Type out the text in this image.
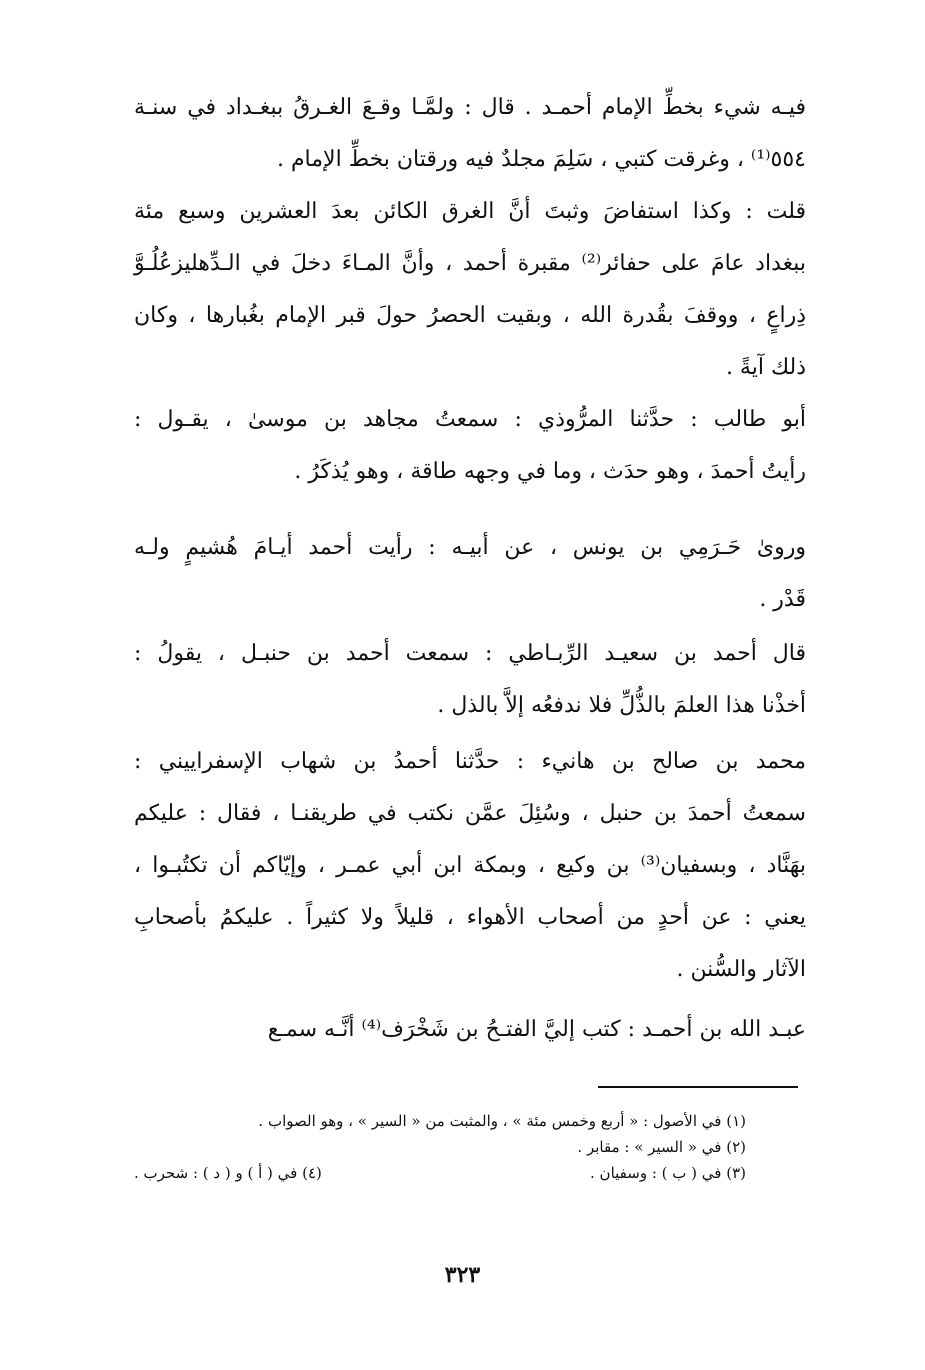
فيـه شيء بخطِّ الإمام أحمـد . قال : ولمَّـا وقـعَ الغـرقُ ببغـداد في سنـة
٥٥٤⁽¹⁾ ، وغرقت كتبي ، سَلِمَ مجلدٌ فيه ورقتان بخطِّ الإمام .
قلت : وكذا استفاضَ وثبتَ أنَّ الغرق الكائن بعدَ العشرين وسبع مئة
ببغداد عامَ على حفائر⁽²⁾ مقبرة أحمد ، وأنَّ المـاءَ دخلَ في الـدِّهليزعُلُـوَّ
ذِراعٍ ، ووقفَ بقُدرة الله ، وبقيت الحصرُ حولَ قبر الإمام بغُبارها ، وكان
ذلك آيةً .
أبو طالب : حدَّثنا المرُّوذي : سمعتُ مجاهد بن موسىٰ ، يقـول :
رأيتُ أحمدَ ، وهو حدَث ، وما في وجهه طاقة ، وهو يُذكَرُ .
ورویٰ حَـرَمِي بن يونس ، عن أبيـه : رأيت أحمد أيـامَ هُشيمٍ ولـه
قَدْر .
قال أحمد بن سعيـد الرِّبـاطي : سمعت أحمد بن حنبـل ، يقولُ :
أخذْنا هذا العلمَ بالذُّلِّ فلا ندفعُه إلاَّ بالذل .
محمد بن صالح بن هانيء : حدَّثنا أحمدُ بن شهاب الإسفراييني :
سمعتُ أحمدَ بن حنبل ، وسُئِلَ عمَّن نكتب في طريقنـا ، فقال : عليكم
بهَنَّاد ، وبسفيان⁽³⁾ بن وكيع ، وبمكة ابن أبي عمـر ، وإيّاكم أن تكتُبـوا ،
يعني : عن أحدٍ من أصحاب الأهواء ، قليلاً ولا كثيراً . عليكمُ بأصحابِ
الآثار والسُّنن .
عبـد الله بن أحمـد : كتب إليَّ الفتـحُ بن شَخْرَف⁽⁴⁾ أنَّـه سمـع
(١) في الأصول : « أربع وخمس مئة » ، والمثبت من « السير » ، وهو الصواب .
(٢) في « السير » : مقابر .
(٣) في ( ب ) : وسفيان .
(٤) في ( أ ) و ( د ) : شحرب .
٣٢٣
